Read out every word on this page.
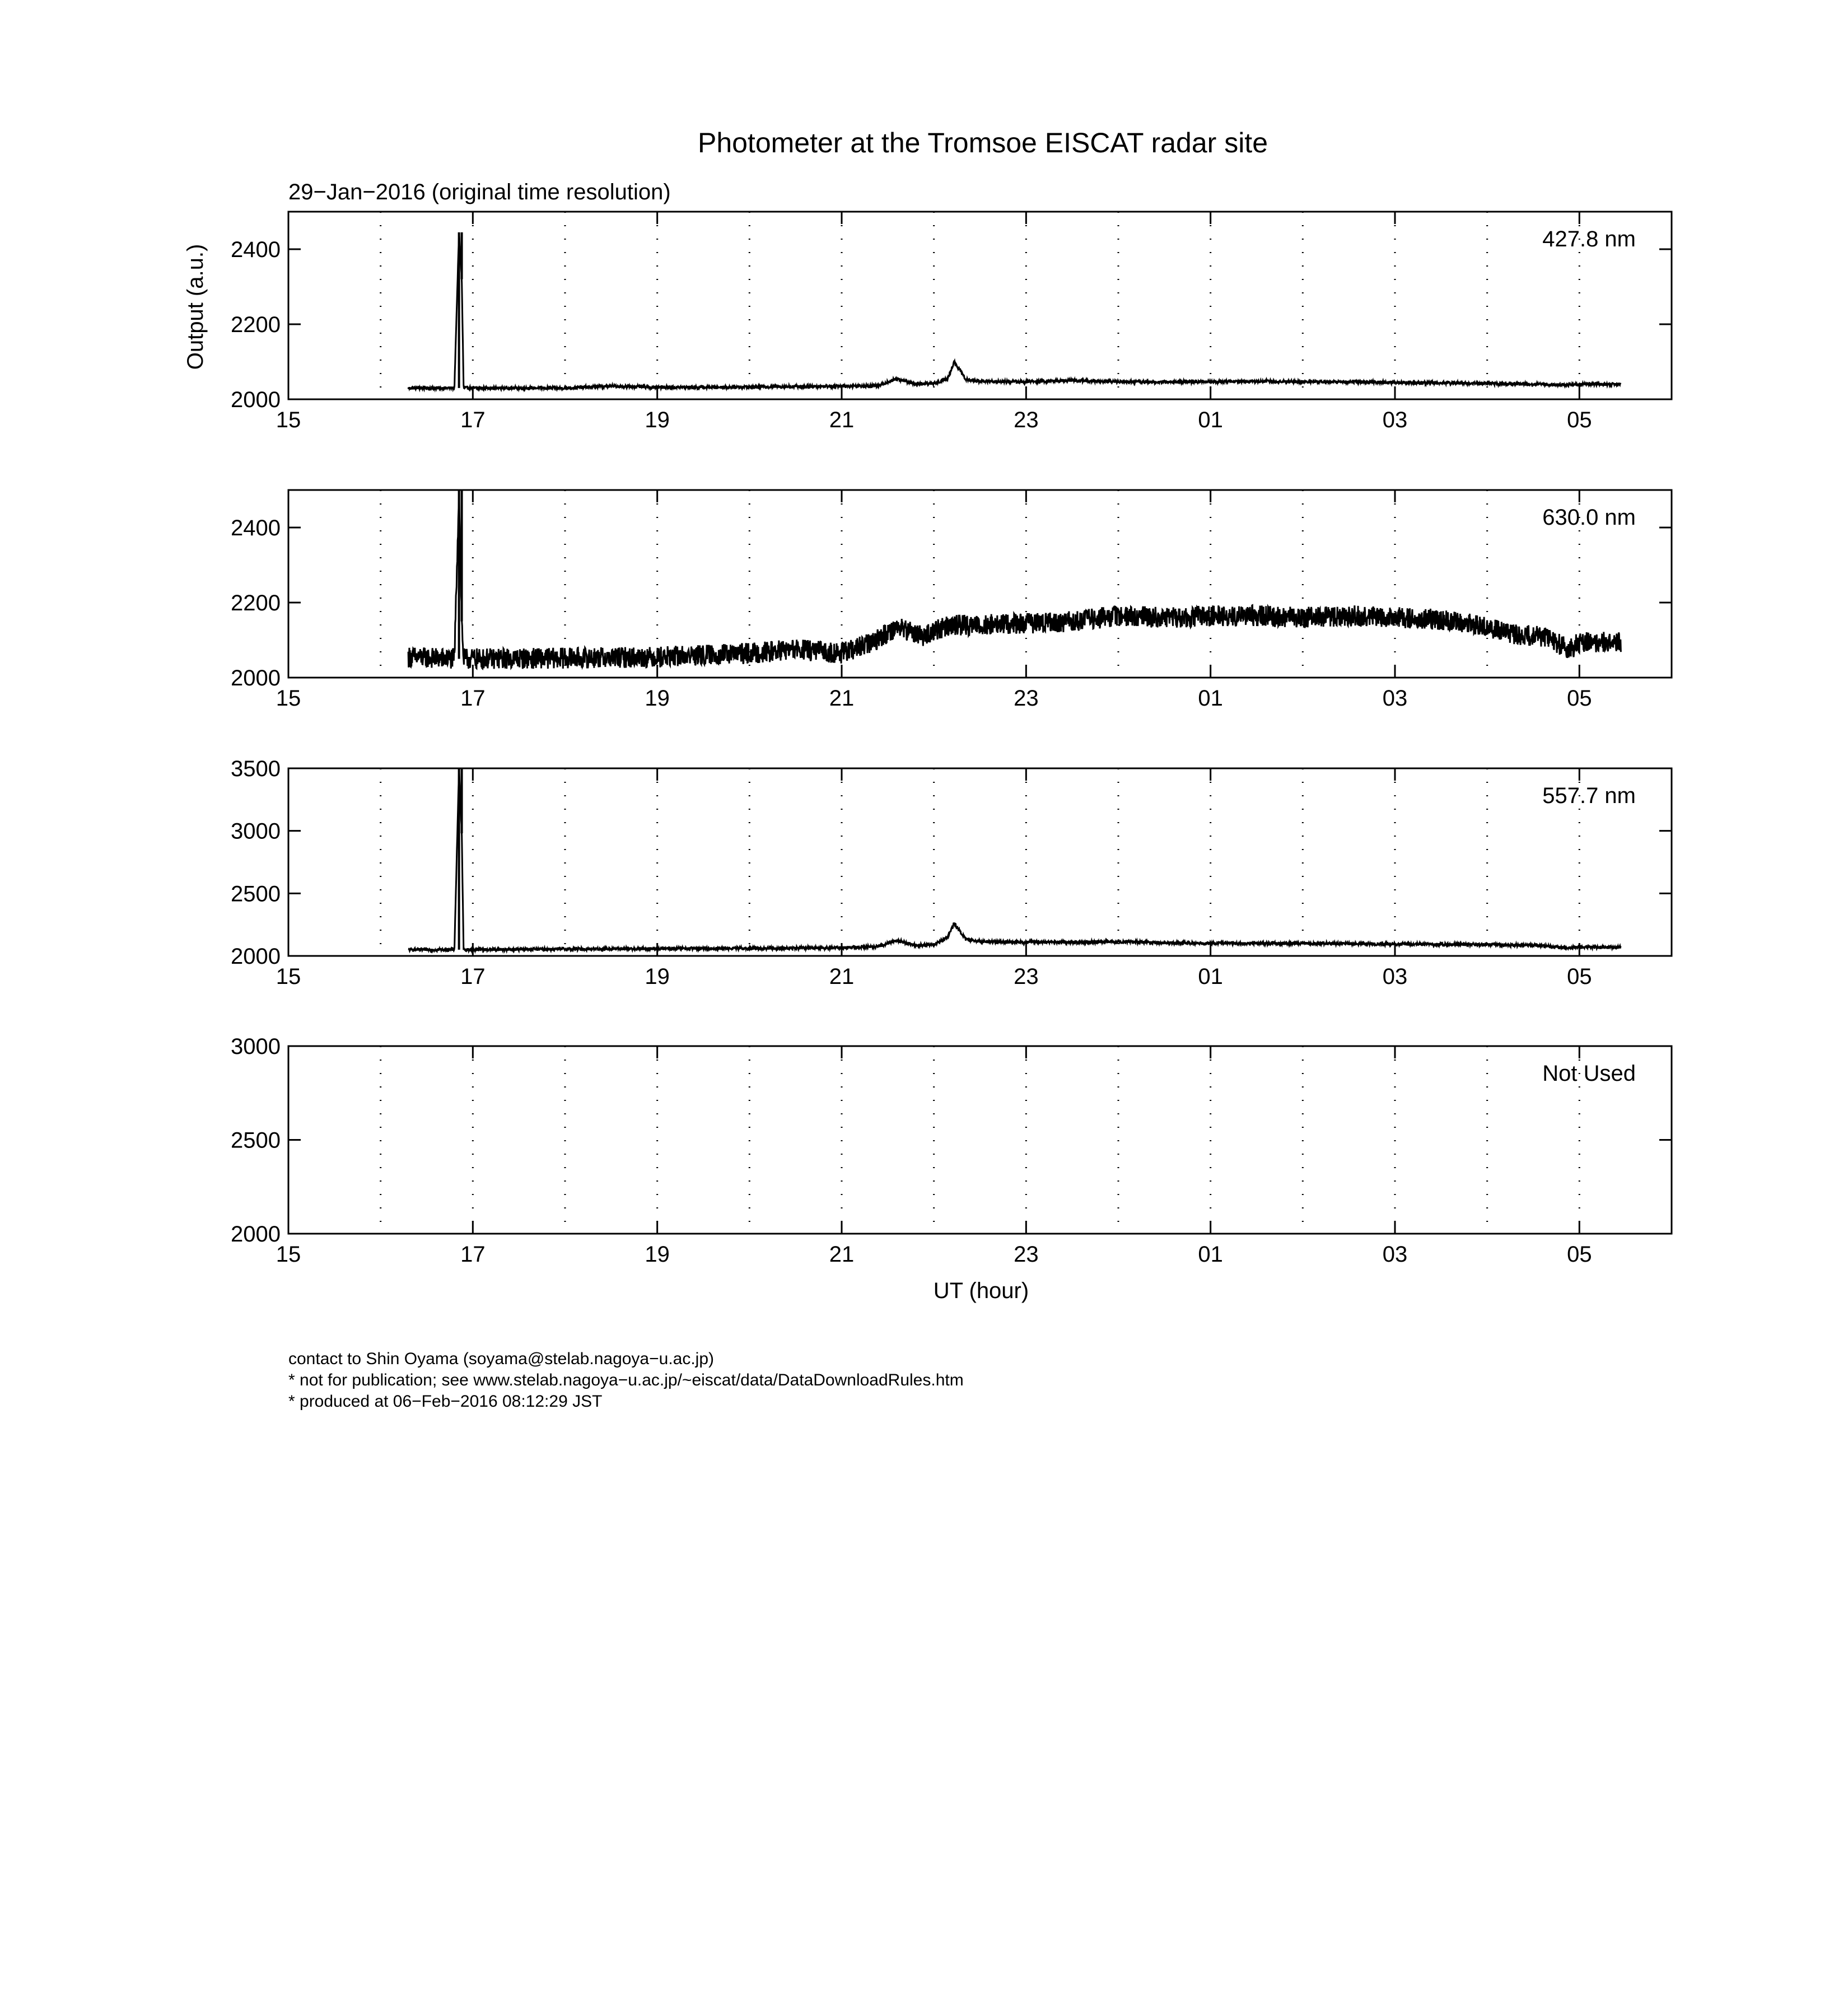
Photometer at the Tromsoe EISCAT radar site
29−Jan−2016 (original time resolution)
Output (a.u.)
UT (hour)
2000
2200
2400
15	17	19	21	23	01	03	05
427.8 nm
2000
2200
2400
15	17	19	21	23	01	03	05
630.0 nm
2000
2500
3000
3500
15	17	19	21	23	01	03	05
557.7 nm
2000
2500
3000
15	17	19	21	23	01	03	05
Not Used
contact to Shin Oyama (soyama@stelab.nagoya−u.ac.jp)
* not for publication; see www.stelab.nagoya−u.ac.jp/~eiscat/data/DataDownloadRules.htm
* produced at 06−Feb−2016 08:12:29 JST
